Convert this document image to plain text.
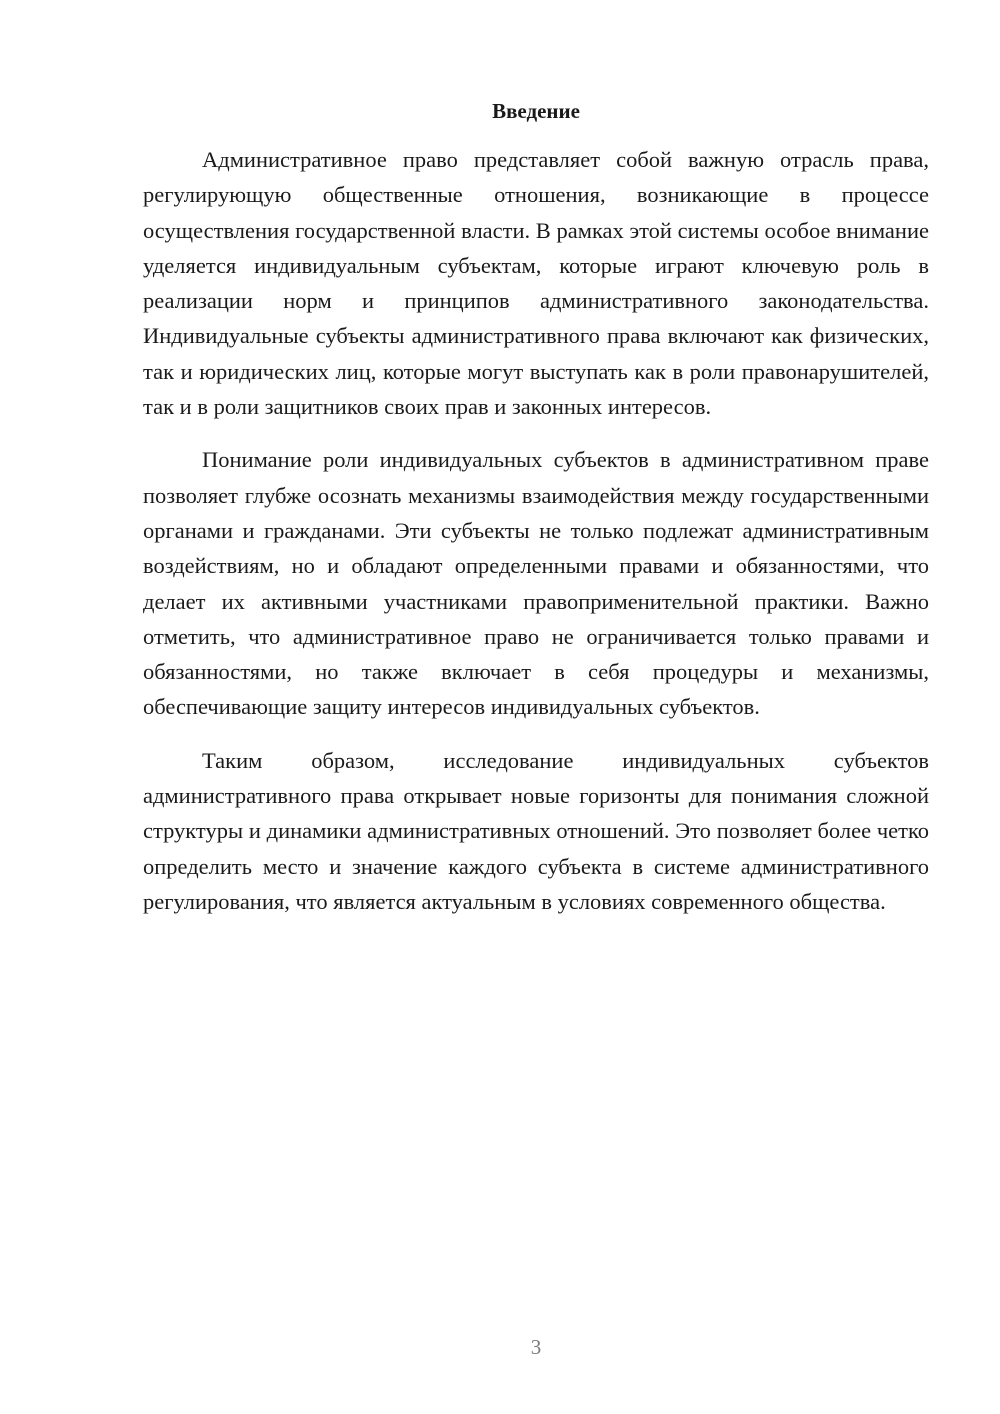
Введение

Административное право представляет собой важную отрасль права, регулирующую общественные отношения, возникающие в процессе осуществления государственной власти. В рамках этой системы особое внимание уделяется индивидуальным субъектам, которые играют ключевую роль в реализации норм и принципов административного законодательства. Индивидуальные субъекты административного права включают как физических, так и юридических лиц, которые могут выступать как в роли правонарушителей, так и в роли защитников своих прав и законных интересов.

Понимание роли индивидуальных субъектов в административном праве позволяет глубже осознать механизмы взаимодействия между государственными органами и гражданами. Эти субъекты не только подлежат административным воздействиям, но и обладают определенными правами и обязанностями, что делает их активными участниками правоприменительной практики. Важно отметить, что административное право не ограничивается только правами и обязанностями, но также включает в себя процедуры и механизмы, обеспечивающие защиту интересов индивидуальных субъектов.

Таким образом, исследование индивидуальных субъектов административного права открывает новые горизонты для понимания сложной структуры и динамики административных отношений. Это позволяет более четко определить место и значение каждого субъекта в системе административного регулирования, что является актуальным в условиях современного общества.

3
